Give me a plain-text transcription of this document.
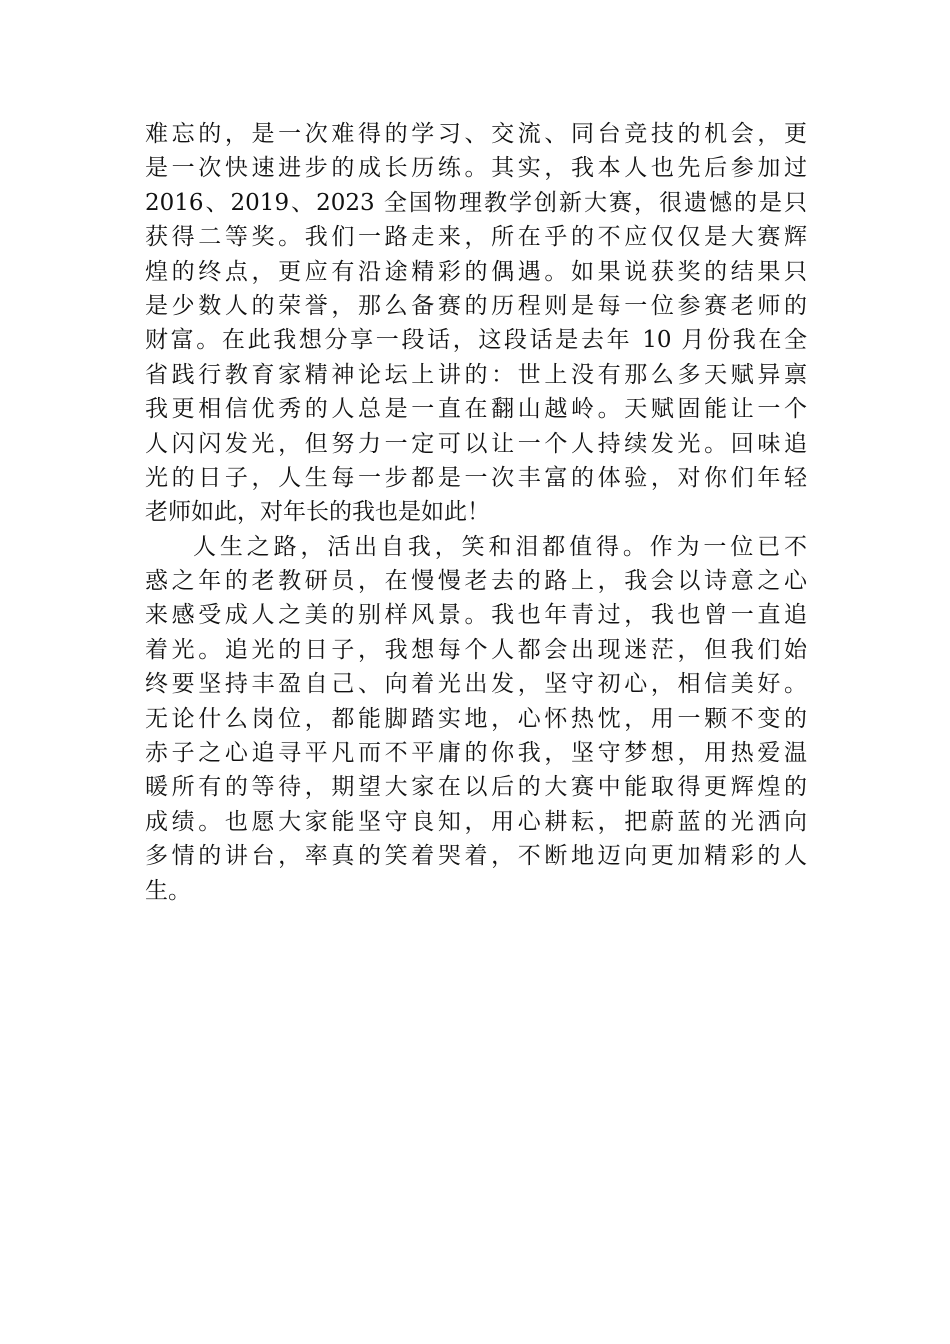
难忘的，是一次难得的学习、交流、同台竞技的机会，更
是一次快速进步的成长历练。其实，我本人也先后参加过
2016、2019、2023 全国物理教学创新大赛，很遗憾的是只
获得二等奖。我们一路走来，所在乎的不应仅仅是大赛辉
煌的终点，更应有沿途精彩的偶遇。如果说获奖的结果只
是少数人的荣誉，那么备赛的历程则是每一位参赛老师的
财富。在此我想分享一段话，这段话是去年 10 月份我在全
省践行教育家精神论坛上讲的：世上没有那么多天赋异禀
我更相信优秀的人总是一直在翻山越岭。天赋固能让一个
人闪闪发光，但努力一定可以让一个人持续发光。回味追
光的日子，人生每一步都是一次丰富的体验，对你们年轻
老师如此，对年长的我也是如此！
人生之路，活出自我，笑和泪都值得。作为一位已不
惑之年的老教研员，在慢慢老去的路上，我会以诗意之心
来感受成人之美的别样风景。我也年青过，我也曾一直追
着光。追光的日子，我想每个人都会出现迷茫，但我们始
终要坚持丰盈自己、向着光出发，坚守初心，相信美好。
无论什么岗位，都能脚踏实地，心怀热忱，用一颗不变的
赤子之心追寻平凡而不平庸的你我，坚守梦想，用热爱温
暖所有的等待，期望大家在以后的大赛中能取得更辉煌的
成绩。也愿大家能坚守良知，用心耕耘，把蔚蓝的光洒向
多情的讲台，率真的笑着哭着，不断地迈向更加精彩的人
生。
